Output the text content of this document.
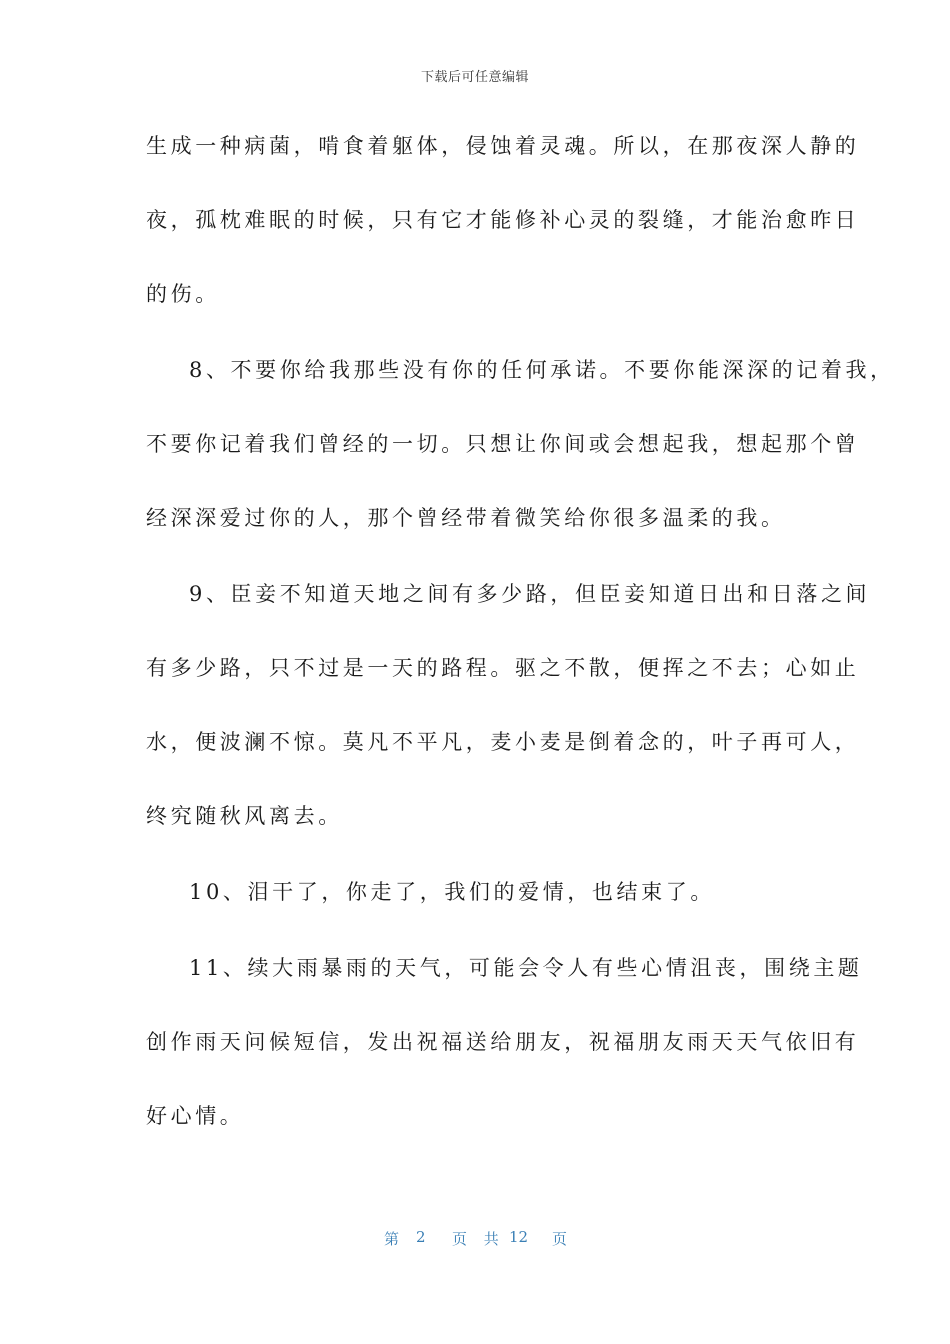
下载后可任意编辑
生成一种病菌，啃食着躯体，侵蚀着灵魂。所以，在那夜深人静的
夜，孤枕难眠的时候，只有它才能修补心灵的裂缝，才能治愈昨日
的伤。
8、不要你给我那些没有你的任何承诺。不要你能深深的记着我，
不要你记着我们曾经的一切。只想让你间或会想起我，想起那个曾
经深深爱过你的人，那个曾经带着微笑给你很多温柔的我。
9、臣妾不知道天地之间有多少路，但臣妾知道日出和日落之间
有多少路，只不过是一天的路程。驱之不散，便挥之不去；心如止
水，便波澜不惊。莫凡不平凡，麦小麦是倒着念的，叶子再可人，
终究随秋风离去。
10、泪干了，你走了，我们的爱情，也结束了。
11、续大雨暴雨的天气，可能会令人有些心情沮丧，围绕主题
创作雨天问候短信，发出祝福送给朋友，祝福朋友雨天天气依旧有
好心情。
第 2 页 共 12 页
